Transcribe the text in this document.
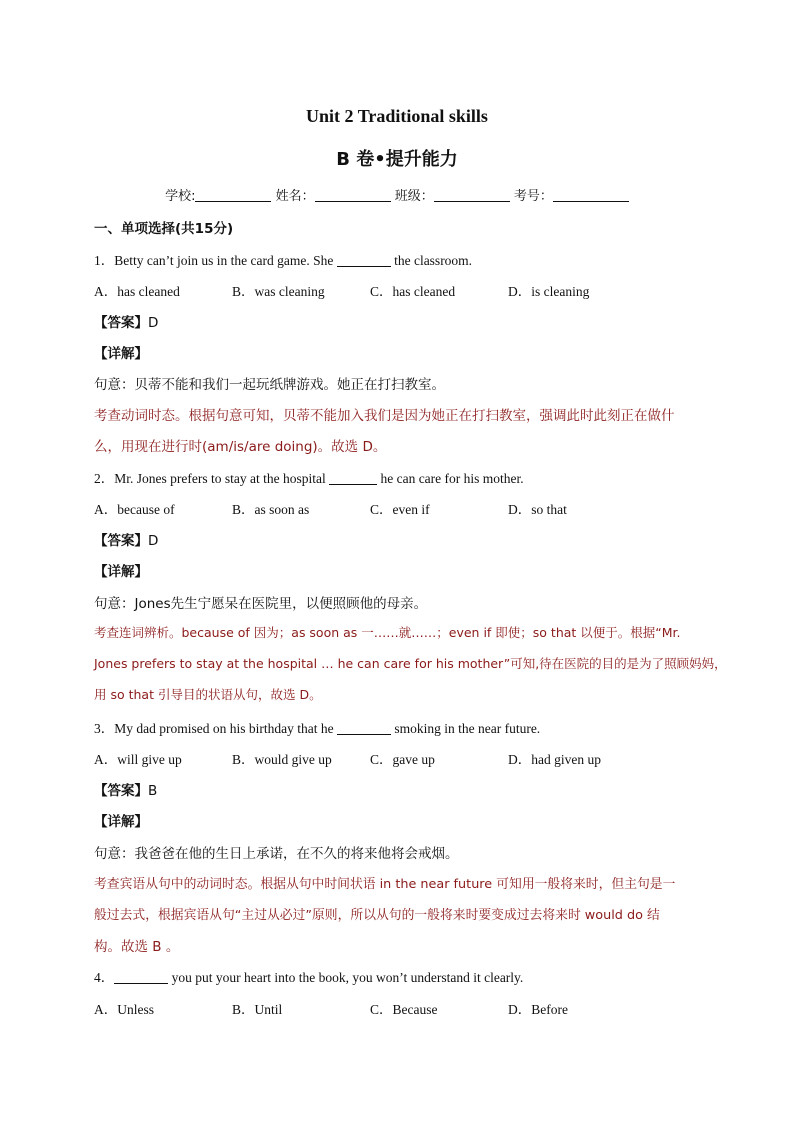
Unit 2 Traditional skills
B 卷•提升能力
学校:	姓名：	班级：	考号：
一、单项选择(共15分)
1．Betty can’t join us in the card game. She	the classroom.
A．has cleaned	B．was cleaning	C．has cleaned	D．is cleaning
【答案】D
【详解】
句意：贝蒂不能和我们一起玩纸牌游戏。她正在打扫教室。
考查动词时态。根据句意可知，贝蒂不能加入我们是因为她正在打扫教室，强调此时此刻正在做什
么，用现在进行时(am/is/are doing)。故选 D。
2．Mr. Jones prefers to stay at the hospital	he can care for his mother.
A．because of	B．as soon as	C．even if	D．so that
【答案】D
【详解】
句意：Jones先生宁愿呆在医院里，以便照顾他的母亲。
考查连词辨析。because of 因为；as soon as 一……就……；even if 即使；so that 以便于。根据“Mr.
Jones prefers to stay at the hospital … he can care for his mother”可知,待在医院的目的是为了照顾妈妈，
用 so that 引导目的状语从句，故选 D。
3．My dad promised on his birthday that he	smoking in the near future.
A．will give up	B．would give up	C．gave up	D．had given up
【答案】B
【详解】
句意：我爸爸在他的生日上承诺，在不久的将来他将会戒烟。
考查宾语从句中的动词时态。根据从句中时间状语 in the near future 可知用一般将来时，但主句是一
般过去式，根据宾语从句“主过从必过”原则，所以从句的一般将来时要变成过去将来时 would do 结
构。故选 B 。
4．	you put your heart into the book, you won’t understand it clearly.
A．Unless	B．Until	C．Because	D．Before
